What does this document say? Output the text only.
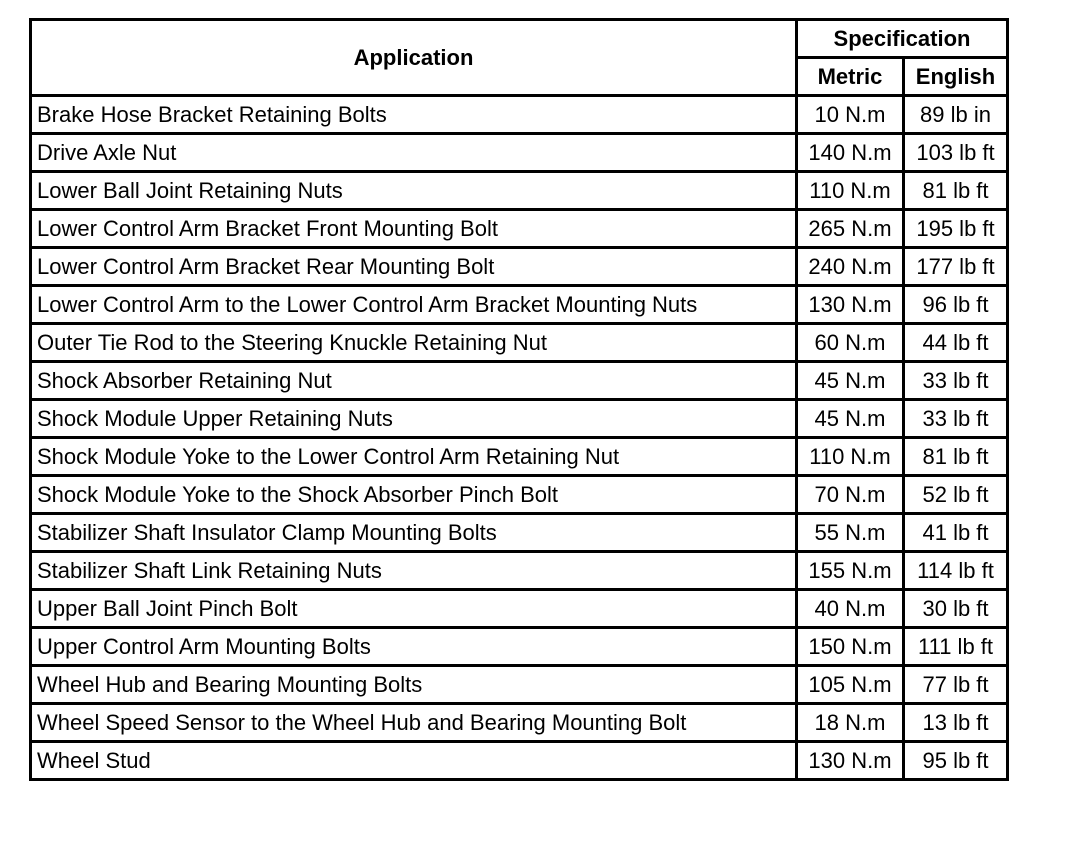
Application	Specification	
	Metric	English
Brake Hose Bracket Retaining Bolts	10 N.m	89 lb in
Drive Axle Nut	140 N.m	103 lb ft
Lower Ball Joint Retaining Nuts	110 N.m	81 lb ft
Lower Control Arm Bracket Front Mounting Bolt	265 N.m	195 lb ft
Lower Control Arm Bracket Rear Mounting Bolt	240 N.m	177 lb ft
Lower Control Arm to the Lower Control Arm Bracket Mounting Nuts	130 N.m	96 lb ft
Outer Tie Rod to the Steering Knuckle Retaining Nut	60 N.m	44 lb ft
Shock Absorber Retaining Nut	45 N.m	33 lb ft
Shock Module Upper Retaining Nuts	45 N.m	33 lb ft
Shock Module Yoke to the Lower Control Arm Retaining Nut	110 N.m	81 lb ft
Shock Module Yoke to the Shock Absorber Pinch Bolt	70 N.m	52 lb ft
Stabilizer Shaft Insulator Clamp Mounting Bolts	55 N.m	41 lb ft
Stabilizer Shaft Link Retaining Nuts	155 N.m	114 lb ft
Upper Ball Joint Pinch Bolt	40 N.m	30 lb ft
Upper Control Arm Mounting Bolts	150 N.m	111 lb ft
Wheel Hub and Bearing Mounting Bolts	105 N.m	77 lb ft
Wheel Speed Sensor to the Wheel Hub and Bearing Mounting Bolt	18 N.m	13 lb ft
Wheel Stud	130 N.m	95 lb ft
